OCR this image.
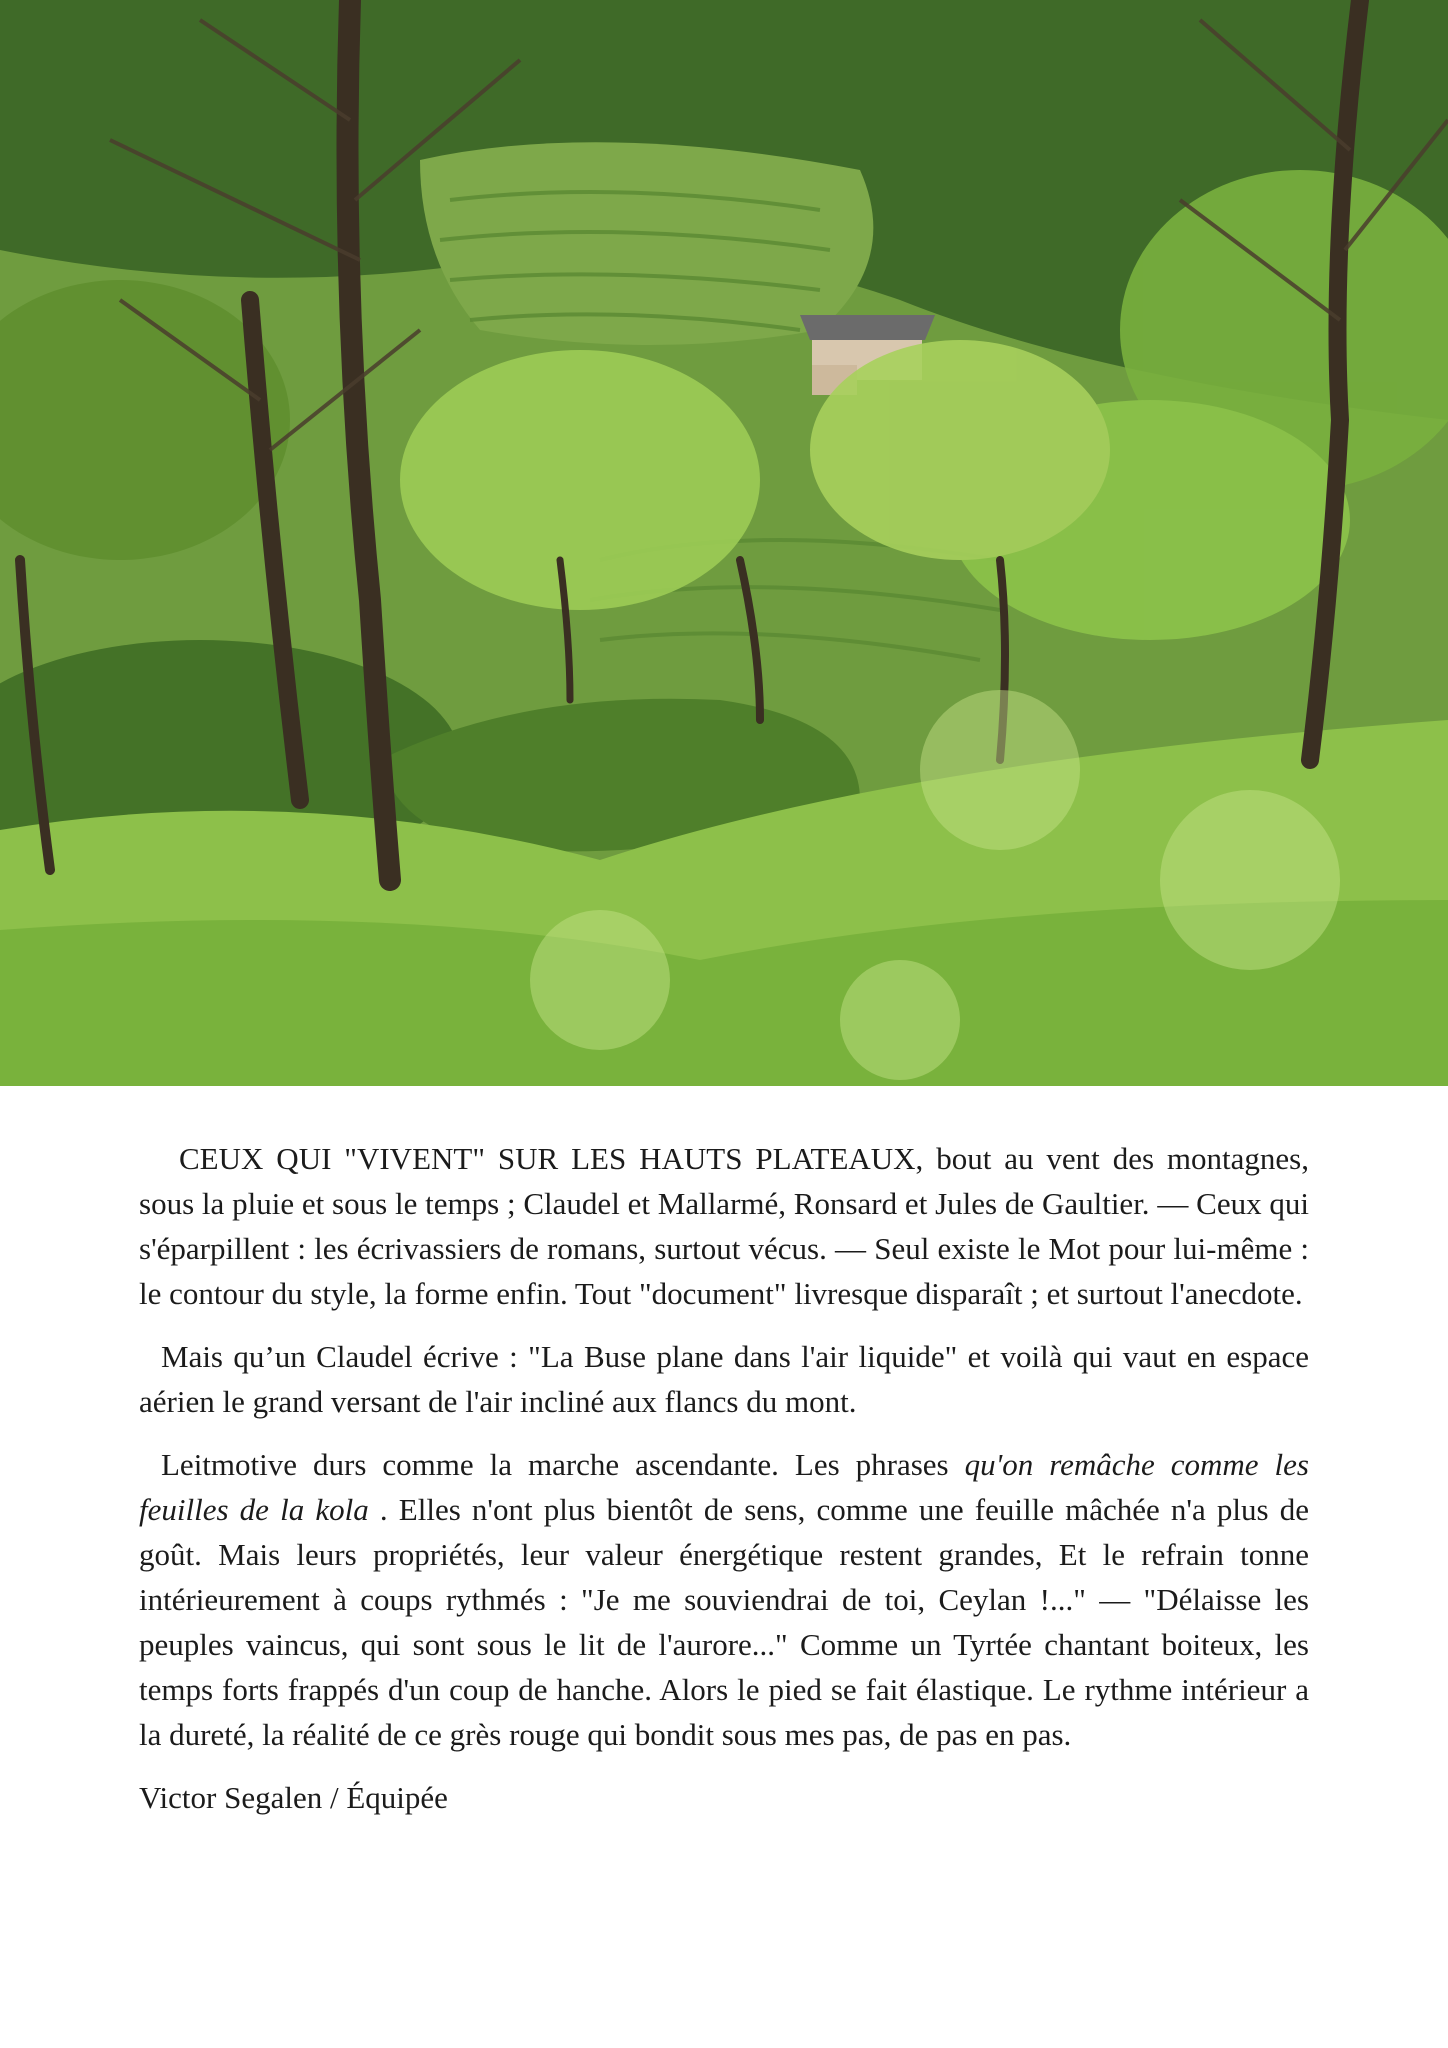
CEUX QUI "VIVENT" SUR LES HAUTS PLATEAUX, bout au vent des montagnes, sous la pluie et sous le temps ; Claudel et Mallarmé, Ronsard et Jules de Gaultier. — Ceux qui s'éparpillent : les écrivassiers de romans, surtout vécus. — Seul existe le Mot pour lui-même : le contour du style, la forme enfin. Tout "document" livresque disparaît ; et surtout l'anecdote.

Mais qu’un Claudel écrive : "La Buse plane dans l'air liquide" et voilà qui vaut en espace aérien le grand versant de l'air incliné aux flancs du mont.

Leitmotive durs comme la marche ascendante. Les phrases qu'on remâche comme les feuilles de la kola . Elles n'ont plus bientôt de sens, comme une feuille mâchée n'a plus de goût. Mais leurs propriétés, leur valeur énergétique restent grandes, Et le refrain tonne intérieurement à coups rythmés : "Je me souviendrai de toi, Ceylan !..." — "Délaisse les peuples vaincus, qui sont sous le lit de l'aurore..." Comme un Tyrtée chantant boiteux, les temps forts frappés d'un coup de hanche. Alors le pied se fait élastique. Le rythme intérieur a la dureté, la réalité de ce grès rouge qui bondit sous mes pas, de pas en pas.

Victor Segalen / Équipée
